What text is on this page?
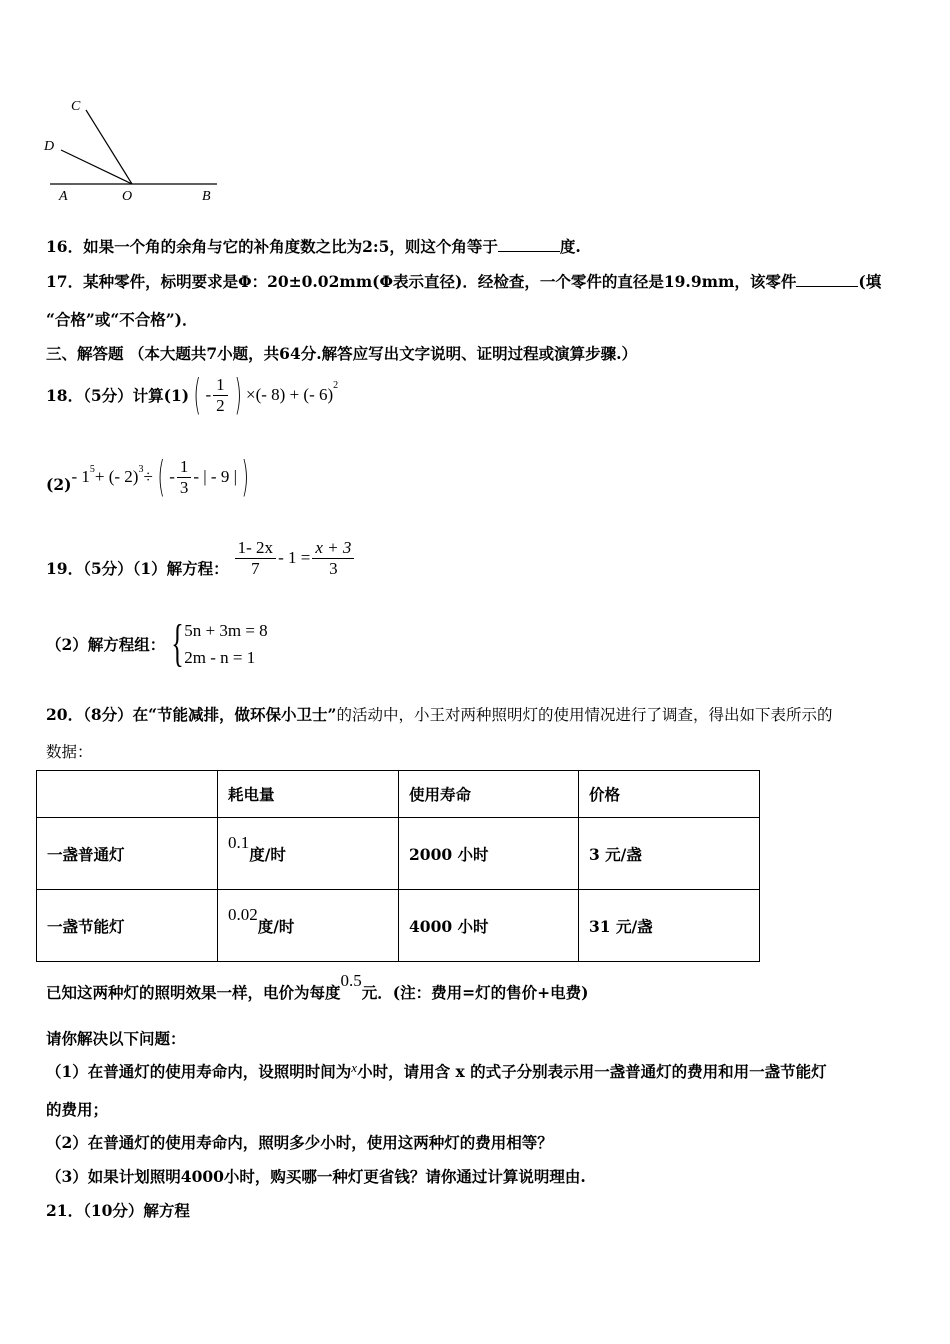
C
D
A	O	B
16．如果一个角的余角与它的补角度数之比为2:5，则这个角等于	度.
17．某种零件，标明要求是Φ：20±0.02mm(Φ表示直径)．经检查，一个零件的直径是19.9mm，该零件	(填
“合格”或“不合格”)．
三、解答题 （本大题共7小题，共64分.解答应写出文字说明、证明过程或演算步骤.）
18．（5分）计算(1) ( - $\frac{1}{2}$ ) ×(- 8) + (- 6)$^2$
$(2) - 1^5$ + (- 2)$^3$ ÷ ( - $\frac{1}{3}$ - | - 9 | )
19．（5分）（1）解方程： $\frac{1- 2x}{7} - 1 = \frac{x + 3}{3}$
（2）解方程组： { 5n + 3m = 8
2m - n = 1
20．（8分）在“节能减排，做环保小卫士”的活动中，小王对两种照明灯的使用情况进行了调查，得出如下表所示的
数据：
	耗电量	使用寿命	价格
一盏普通灯	0.1度/时	2000 小时	3 元/盏
一盏节能灯	0.02度/时	4000 小时	31 元/盏
已知这两种灯的照明效果一样，电价为每度0.5元．(注：费用=灯的售价+电费)
请你解决以下问题：
（1）在普通灯的使用寿命内，设照明时间为$^x$小时，请用含 x 的式子分别表示用一盏普通灯的费用和用一盏节能灯
的费用；
（2）在普通灯的使用寿命内，照明多少小时，使用这两种灯的费用相等？
（3）如果计划照明4000小时，购买哪一种灯更省钱？请你通过计算说明理由.
21．（10分）解方程
